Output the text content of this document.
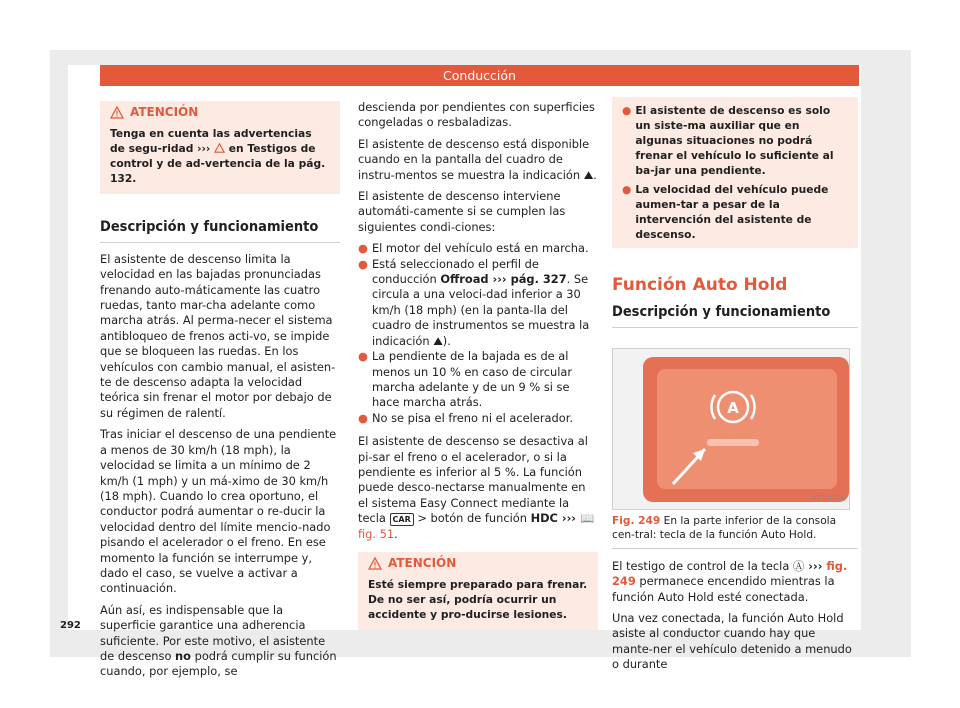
Conducción
ATENCIÓN
Tenga en cuenta las advertencias de segu-ridad ›››  en Testigos de control y de ad-vertencia de la pág. 132.
Descripción y funcionamiento

El asistente de descenso limita la velocidad en las bajadas pronunciadas frenando auto-máticamente las cuatro ruedas, tanto mar-cha adelante como marcha atrás. Al perma-necer el sistema antibloqueo de frenos acti-vo, se impide que se bloqueen las ruedas. En los vehículos con cambio manual, el asisten-te de descenso adapta la velocidad teórica sin frenar el motor por debajo de su régimen de ralentí.

Tras iniciar el descenso de una pendiente a menos de 30 km/h (18 mph), la velocidad se limita a un mínimo de 2 km/h (1 mph) y un má-ximo de 30 km/h (18 mph). Cuando lo crea oportuno, el conductor podrá aumentar o re-ducir la velocidad dentro del límite mencio-nado pisando el acelerador o el freno. En ese momento la función se interrumpe y, dado el caso, se vuelve a activar a continuación.

Aún así, es indispensable que la superficie garantice una adherencia suficiente. Por este motivo, el asistente de descenso no podrá cumplir su función cuando, por ejemplo, se

descienda por pendientes con superficies congeladas o resbaladizas.

El asistente de descenso está disponible cuando en la pantalla del cuadro de instru-mentos se muestra la indicación ⛰.

El asistente de descenso interviene automáti-camente si se cumplen las siguientes condi-ciones:

● El motor del vehículo está en marcha.
● Está seleccionado el perfil de conducción Offroad ››› pág. 327. Se circula a una veloci-dad inferior a 30 km/h (18 mph) (en la panta-lla del cuadro de instrumentos se muestra la indicación ⛰).
● La pendiente de la bajada es de al menos un 10 % en caso de circular marcha adelante y de un 9 % si se hace marcha atrás.
● No se pisa el freno ni el acelerador.

El asistente de descenso se desactiva al pi-sar el freno o el acelerador, o si la pendiente es inferior al 5 %. La función puede desco-nectarse manualmente en el sistema Easy Connect mediante la tecla CAR > botón de función HDC ››› 📖 fig. 51.

ATENCIÓN
Esté siempre preparado para frenar. De no ser así, podría ocurrir un accidente y pro-ducirse lesiones.
● El asistente de descenso es solo un siste-ma auxiliar que en algunas situaciones no podrá frenar el vehículo lo suficiente al ba-jar una pendiente.
● La velocidad del vehículo puede aumen-tar a pesar de la intervención del asistente de descenso.
Función Auto Hold
Descripción y funcionamiento
A
B5T-0274
Fig. 249 En la parte inferior de la consola cen-tral: tecla de la función Auto Hold.

El testigo de control de la tecla Ⓐ ››› fig. 249 permanece encendido mientras la función Auto Hold esté conectada.

Una vez conectada, la función Auto Hold asiste al conductor cuando hay que mante-ner el vehículo detenido a menudo o durante

292
